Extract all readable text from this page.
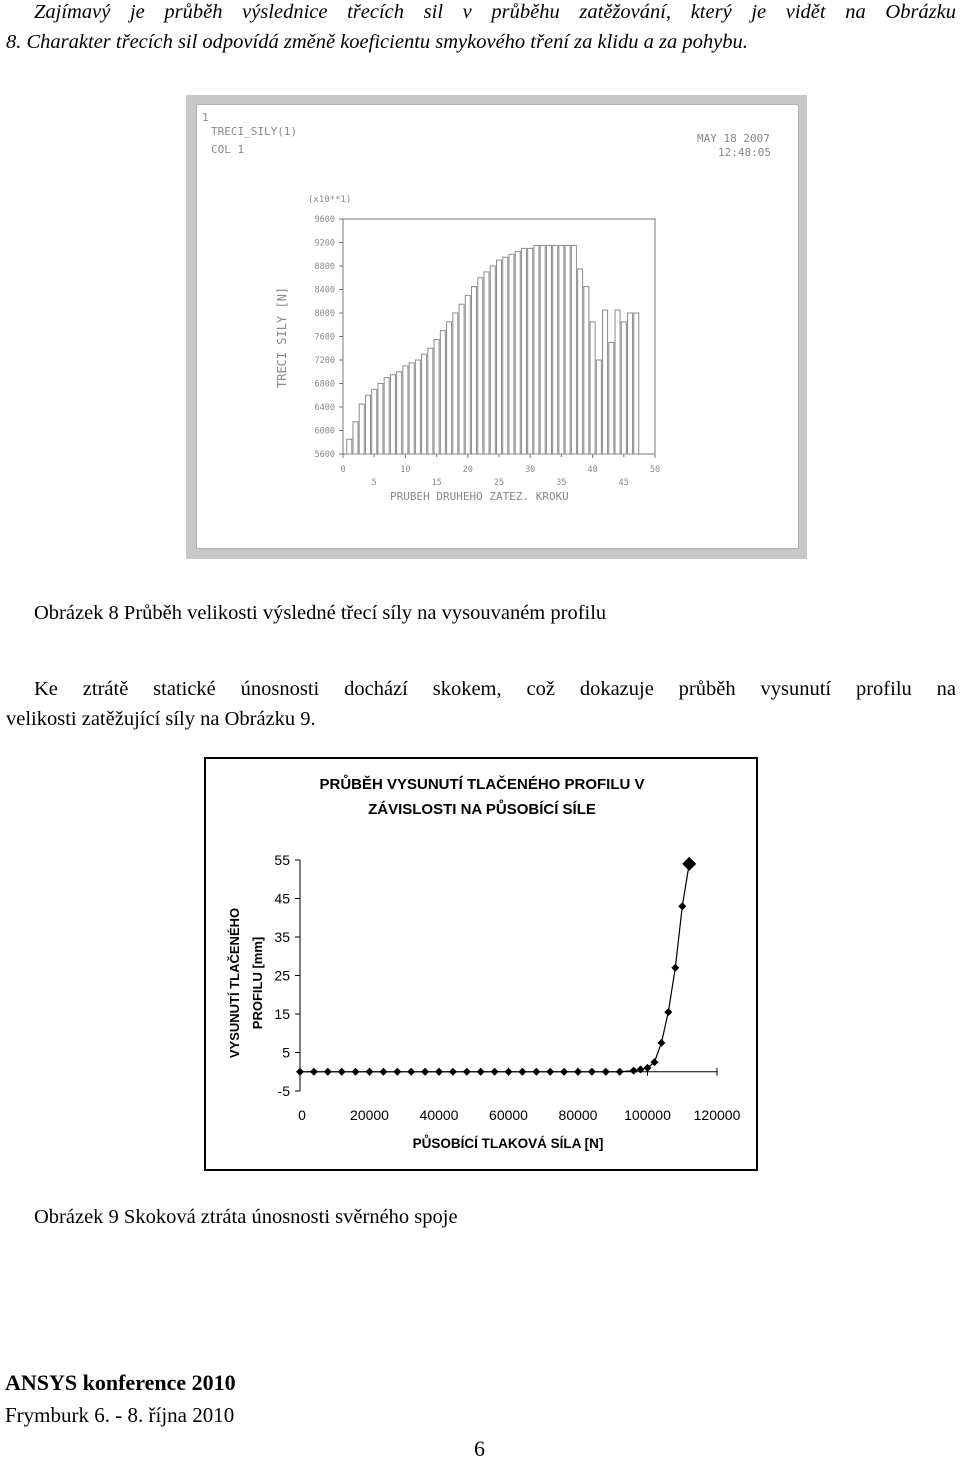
Zajímavý je průběh výslednice třecích sil v průběhu zatěžování, který je vidět na Obrázku
8. Charakter třecích sil odpovídá změně koeficientu smykového tření za klidu a za pohybu.
1
TRECI_SILY(1)
COL 1
MAY 18 2007
12:48:05
(x10**1)
TRECI SILY [N]
PRUBEH DRUHEHO ZATEZ. KROKU
9600
9200
8800
8400
8000
7600
7200
6800
6400
6000
5600
0	10	20	30	40	50
5	15	25	35	45

Obrázek 8 Průběh velikosti výsledné třecí síly na vysouvaném profilu

Ke ztrátě statické únosnosti dochází skokem, což dokazuje průběh vysunutí profilu na
velikosti zatěžující síly na Obrázku 9.
PRŮBĚH VYSUNUTÍ TLAČENÉHO PROFILU V
ZÁVISLOSTI NA PŮSOBÍCÍ SÍLE
VYSUNUTÍ TLAČENÉHO PROFILU [mm]
55
45
35
25
15
5
-5
0	20000 40000 60000 80000 100000 120000
PŮSOBÍCÍ TLAKOVÁ SÍLA [N]

Obrázek 9 Skoková ztráta únosnosti svěrného spoje

ANSYS konference 2010

Frymburk 6. - 8. října 2010

6
